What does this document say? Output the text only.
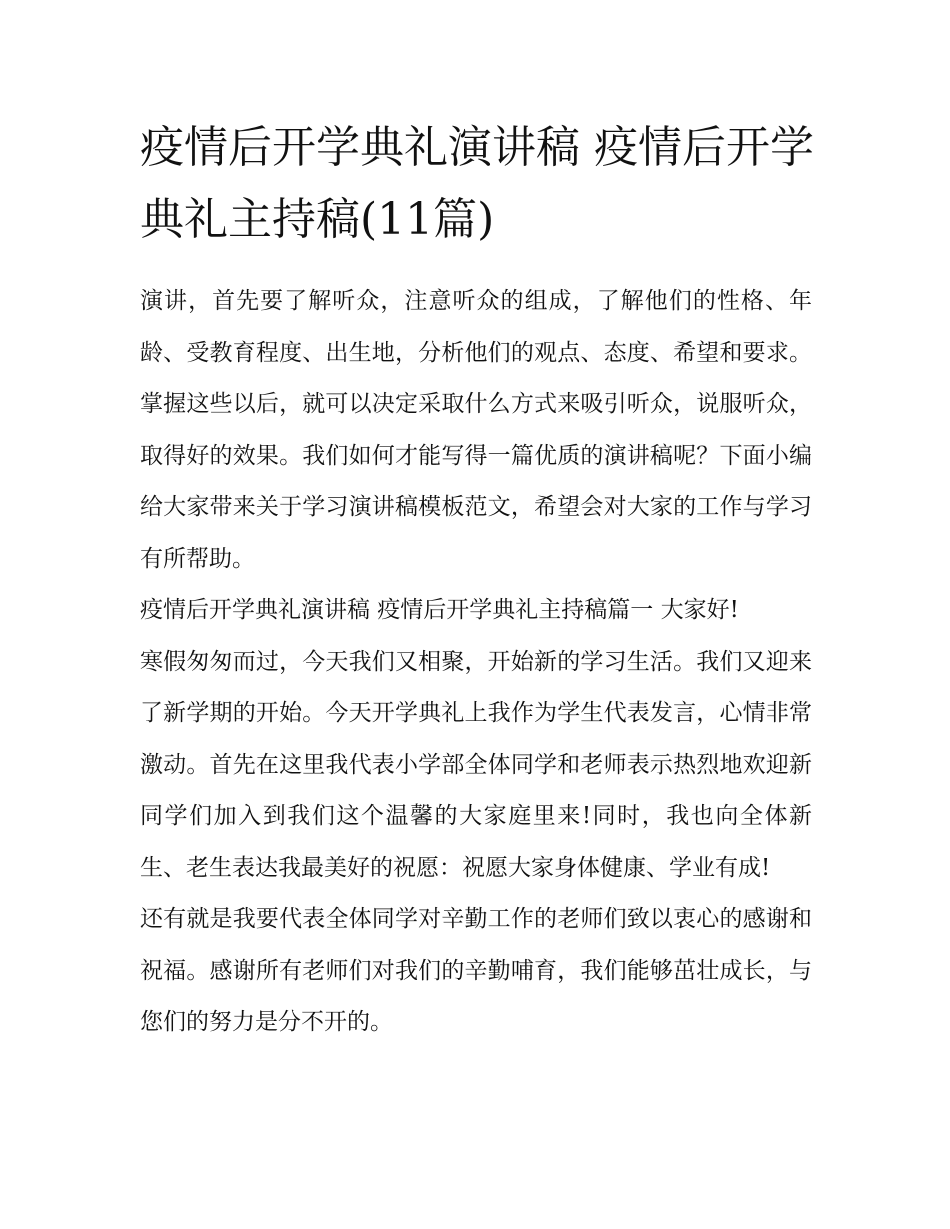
疫情后开学典礼演讲稿 疫情后开学典礼主持稿(11篇)

演讲，首先要了解听众，注意听众的组成，了解他们的性格、年龄、受教育程度、出生地，分析他们的观点、态度、希望和要求。掌握这些以后，就可以决定采取什么方式来吸引听众，说服听众，取得好的效果。我们如何才能写得一篇优质的演讲稿呢？下面小编给大家带来关于学习演讲稿模板范文，希望会对大家的工作与学习有所帮助。

疫情后开学典礼演讲稿 疫情后开学典礼主持稿篇一 大家好!

寒假匆匆而过，今天我们又相聚，开始新的学习生活。我们又迎来了新学期的开始。今天开学典礼上我作为学生代表发言，心情非常激动。首先在这里我代表小学部全体同学和老师表示热烈地欢迎新同学们加入到我们这个温馨的大家庭里来!同时，我也向全体新生、老生表达我最美好的祝愿：祝愿大家身体健康、学业有成!

还有就是我要代表全体同学对辛勤工作的老师们致以衷心的感谢和祝福。感谢所有老师们对我们的辛勤哺育，我们能够茁壮成长，与您们的努力是分不开的。
